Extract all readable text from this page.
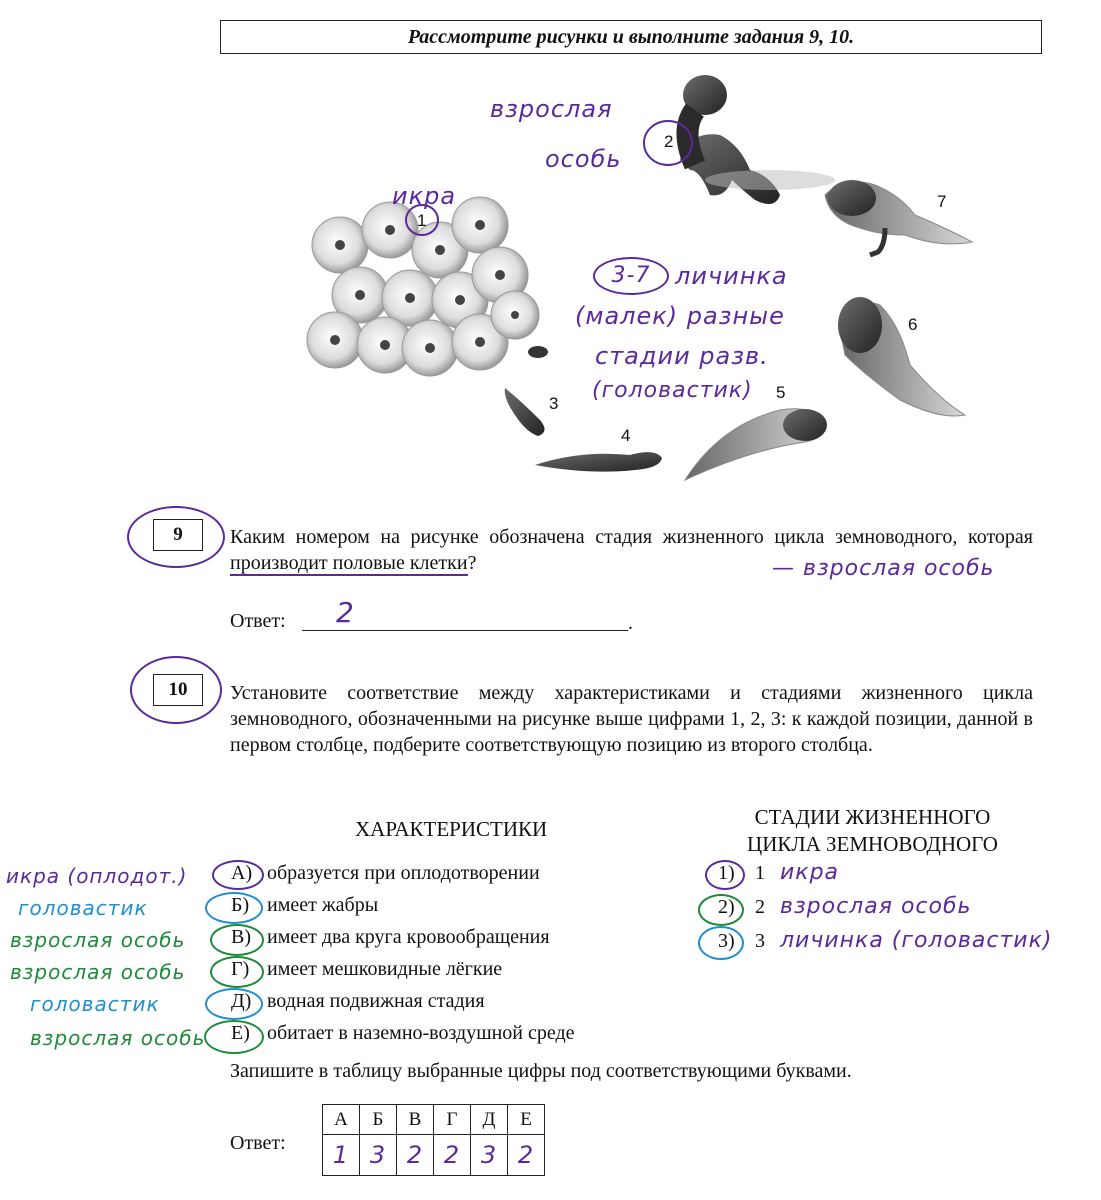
Рассмотрите рисунки и выполните задания 9, 10.
1
2
3
4
5
6
7
взрослая
особь
икра
3-7	личинка
(малек) разные
стадии разв.
(головастик)
9	Каким номером на рисунке обозначена стадия жизненного цикла земноводного, которая производит половые клетки?	— взрослая особь
Ответ:	.
2
10	Установите соответствие между характеристиками и стадиями жизненного цикла земноводного, обозначенными на рисунке выше цифрами 1, 2, 3: к каждой позиции, данной в первом столбце, подберите соответствующую позицию из второго столбца.
ХАРАКТЕРИСТИКИ	СТАДИИ ЖИЗНЕННОГО
ЦИКЛА ЗЕМНОВОДНОГО
икра (оплодот.) А) образуется при оплодотворении
головастик	Б) имеет жабры
взрослая особь В) имеет два круга кровообращения
взрослая особь Г) имеет мешковидные лёгкие
головастик	Д) водная подвижная стадия
взрослая особь Е) обитает в наземно-воздушной среде
1) 1 икра
2) 2 взрослая особь
3) 3 личинка (головастик)
Запишите в таблицу выбранные цифры под соответствующими буквами.
Ответ:
А	Б	В	Г	Д	Е
1	3	2	2	3	2
